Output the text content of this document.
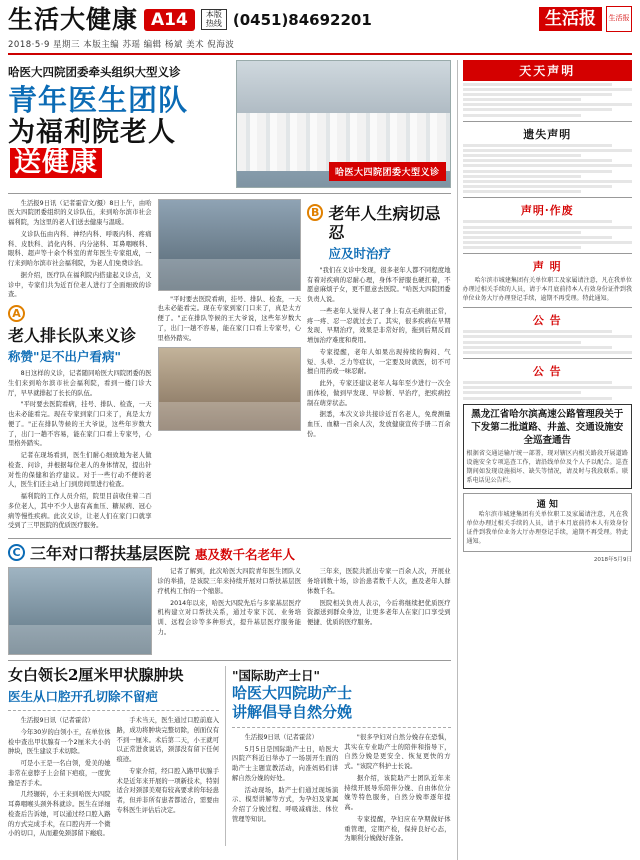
生活大健康 A14	本版热线 (0451)84692201
2018·5·9 星期三 本版主编 苏瑶 编辑 杨斌 美术 倪海波
生活报	生活报
哈医大四院团委牵头组织大型义诊
青年医生团队
为福利院老人
送健康	哈医大四院团委大型义诊

生活报9日讯（记者霍营文/摄）8日上午，由哈医大四院团委组织的义诊队伍，来到哈尔滨市社会福利院，为这里的老人们送去健康与温暖。

义诊队伍由内科、神经内科、呼吸内科、疼痛科、皮肤科、消化内科、内分泌科、耳鼻咽喉科、眼科、超声等十余个科室的青年医生专家组成，一行来到哈尔滨市社会福利院，为老人们免费诊治。

据介绍，医疗队在福利院内搭建起义诊点，义诊中，专家们共为近百位老人进行了全面细致的诊查。

A
老人排长队来义诊
称赞"足不出户看病"

8日这样的义诊，记者随同哈医大四院团委的医生们来到哈尔滨市社会福利院，看到一楼门诊大厅，早早就排起了长长的队伍。

"平时要去医院看病，挂号、排队、检查，一天也未必能看完。现在专家到家门口来了，真是太方便了。"正在排队等候的王大爷说，这些年岁数大了，出门一趟不容易，能在家门口看上专家号，心里格外踏实。

记者在现场看到，医生们耐心细致地为老人做检查、问诊，并根据每位老人的身体情况，提出针对性的保健和治疗建议。对于一些行动不便的老人，医生们还主动上门到房间里进行检查。

福利院的工作人员介绍，院里目前收住着二百多位老人，其中不少人患有高血压、糖尿病、冠心病等慢性疾病。此次义诊，让老人们在家门口就享受到了三甲医院的优质医疗服务。

"平时要去医院看病，挂号、排队、检查，一天也未必能看完。现在专家到家门口来了，真是太方便了。"正在排队等候的王大爷说，这些年岁数大了，出门一趟不容易，能在家门口看上专家号，心里格外踏实。

B 老年人生病切忌忍
应及时治疗

"我们在义诊中发现，很多老年人都不同程度地有着对疾病的忍耐心理，身体不舒服也硬扛着，不愿意麻烦子女，更不愿意去医院。"哈医大四院团委负责人说。

一些老年人觉得人老了身上有点毛病很正常，疼一疼、忍一忍就过去了。其实，很多疾病在早期发现、早期治疗，效果是非常好的，拖到后期反而增加治疗难度和费用。

专家提醒，老年人如果出现持续的胸闷、气短、头晕、乏力等症状，一定要及时就医，切不可擅自用药或一味忍耐。

此外，专家还建议老年人每年至少进行一次全面体检，做到早发现、早诊断、早治疗，把疾病控制在萌芽状态。

据悉，本次义诊共接诊近百名老人，免费测量血压、血糖一百余人次，发放健康宣传手册二百余份。

C 三年对口帮扶基层医院 惠及数千名老年人

记者了解到，此次哈医大四院青年医生团队义诊的举措，是该院三年来持续开展对口帮扶基层医疗机构工作的一个缩影。

2014年以来，哈医大四院先后与多家基层医疗机构建立对口帮扶关系，通过专家下沉、业务培训、远程会诊等多种形式，提升基层医疗服务能力。

三年来，医院共派出专家一百余人次，开展业务培训数十场，诊治患者数千人次，惠及老年人群体数千名。

医院相关负责人表示，今后将继续把优质医疗资源送到群众身边，让更多老年人在家门口享受到便捷、优质的医疗服务。

女白领长2厘米甲状腺肿块
医生从口腔开孔切除不留疤

生活报9日讯（记者霍营）

今年30岁的白领小王，在单位体检中查出甲状腺有一个2厘米大小的肿块，医生建议手术切除。

可是小王是一名白领，爱美的她非常在意脖子上会留下疤痕，一度犹豫是否手术。

几经辗转，小王来到哈医大四院耳鼻咽喉头颈外科就诊。医生在详细检查后告诉她，可以通过经口腔入路的方式完成手术，在口腔内开一个微小的切口，从而避免颈部留下瘢痕。

手术当天，医生通过口腔前庭入路，成功将肿块完整切除，创面仅有不到一厘米。术后第二天，小王就可以正常进食说话，颈部没有留下任何痕迹。

专家介绍，经口腔入路甲状腺手术是近年来开展的一项新技术，特别适合对颈部美观有较高要求的年轻患者，但并非所有患者都适合，需要由专科医生评估后决定。

"国际助产士日"
哈医大四院助产士
讲解倡导自然分娩

生活报9日讯（记者霍营）

5月5日是国际助产士日，哈医大四院产科近日举办了一场别开生面的助产士主题宣教活动，向准妈妈们讲解自然分娩的好处。

活动现场，助产士们通过现场演示、模型讲解等方式，为孕妇及家属介绍了分娩过程、呼吸减痛法、体位管理等知识。

"很多孕妇对自然分娩存在恐惧，其实在专业助产士的陪伴和指导下，自然分娩是更安全、恢复更快的方式。"该院产科护士长说。

据介绍，该院助产士团队近年来持续开展导乐陪伴分娩、自由体位分娩等特色服务，自然分娩率逐年提高。

专家提醒，孕妇应在孕期做好体重管理，定期产检，保持良好心态，为顺利分娩做好准备。

天天声明
遗失声明
声明·作废
声 明

哈尔滨市城建集团有关单位职工及家属请注意，凡在我单位办理过相关手续的人员，请于本月底前持本人有效身份证件到我单位业务大厅办理登记手续，逾期不再受理。特此通知。

公 告
公 告
黑龙江省哈尔滨高速公路管理段关于下发第二批道路、井盖、交通设施安全巡查通告
根据省交通运输厅统一部署，现对辖区内相关路段开展道路设施安全专项巡查工作，请沿线单位及个人予以配合。巡查期间如发现设施损坏、缺失等情况，请及时与我段联系。联系电话见公告栏。
通 知

哈尔滨市城建集团有关单位职工及家属请注意，凡在我单位办理过相关手续的人员，请于本月底前持本人有效身份证件到我单位业务大厅办理登记手续，逾期不再受理。特此通知。

2018年5月9日
